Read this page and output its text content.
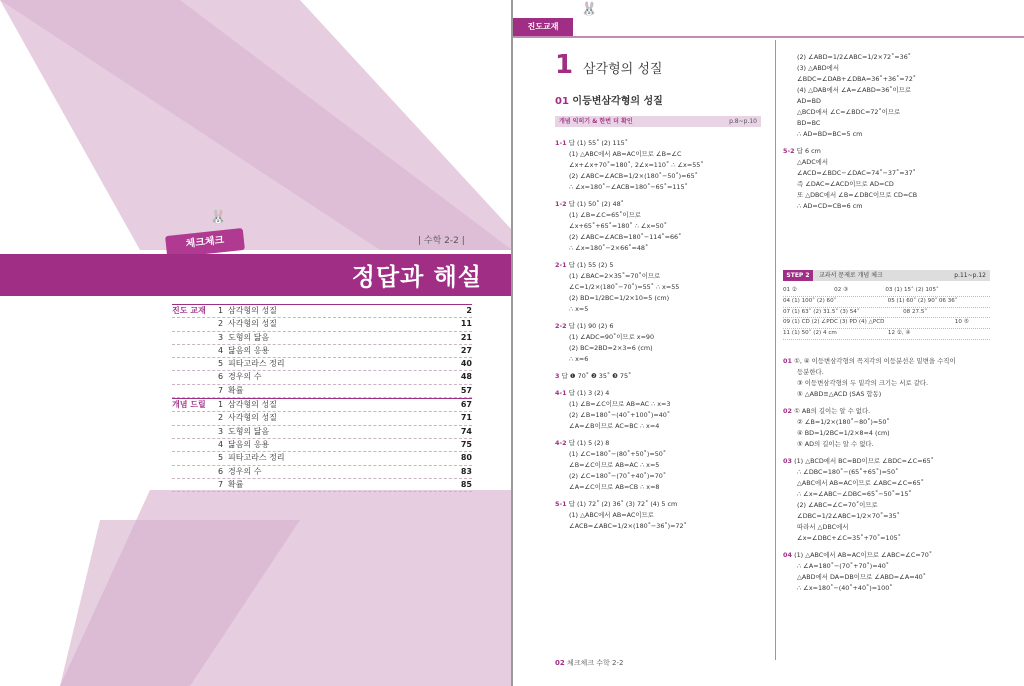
🐰
체크체크	| 수학 2-2 |
정답과 해설
진도 교재	1 삼각형의 성질	2
2 사각형의 성질	11
3 도형의 닮음	21
4 닮음의 응용	27
5 피타고라스 정리	40
6 경우의 수	48
7 확률	57
개념 드릴	1 삼각형의 성질	67
2 사각형의 성질	71
3 도형의 닮음	74
4 닮음의 응용	75
5 피타고라스 정리	80
6 경우의 수	83
7 확률	85
🐰
진도교재
1 삼각형의 성질
01 이등변삼각형의 성질
개념 익히기 & 한번 더 확인	p.8~p.10
1-1 답 (1) 55˚ (2) 115˚
(1) △ABC에서 AB=AC이므로 ∠B=∠C
∠x+∠x+70˚=180˚, 2∠x=110˚ ∴ ∠x=55˚
(2) ∠ABC=∠ACB=1/2×(180˚−50˚)=65˚
∴ ∠x=180˚−∠ACB=180˚−65˚=115˚
1-2 답 (1) 50˚ (2) 48˚
(1) ∠B=∠C=65˚이므로
∠x+65˚+65˚=180˚ ∴ ∠x=50˚
(2) ∠ABC=∠ACB=180˚−114˚=66˚
∴ ∠x=180˚−2×66˚=48˚
2-1 답 (1) 55 (2) 5
(1) ∠BAC=2×35˚=70˚이므로
∠C=1/2×(180˚−70˚)=55˚ ∴ x=55
(2) BD=1/2BC=1/2×10=5 (cm)
∴ x=5
2-2 답 (1) 90 (2) 6
(1) ∠ADC=90˚이므로 x=90
(2) BC=2BD=2×3=6 (cm)
∴ x=6
3 답 ❶ 70˚ ❷ 35˚ ❸ 75˚
4-1 답 (1) 3 (2) 4
(1) ∠B=∠C이므로 AB=AC ∴ x=3
(2) ∠B=180˚−(40˚+100˚)=40˚
∠A=∠B이므로 AC=BC ∴ x=4
4-2 답 (1) 5 (2) 8
(1) ∠C=180˚−(80˚+50˚)=50˚
∠B=∠C이므로 AB=AC ∴ x=5
(2) ∠C=180˚−(70˚+40˚)=70˚
∠A=∠C이므로 AB=CB ∴ x=8
5-1 답 (1) 72˚ (2) 36˚ (3) 72˚ (4) 5 cm
(1) △ABC에서 AB=AC이므로
∠ACB=∠ABC=1/2×(180˚−36˚)=72˚
(2) ∠ABD=1/2∠ABC=1/2×72˚=36˚
(3) △ABD에서
∠BDC=∠DAB+∠DBA=36˚+36˚=72˚
(4) △DAB에서 ∠A=∠ABD=36˚이므로
AD=BD
△BCD에서 ∠C=∠BDC=72˚이므로
BD=BC
∴ AD=BD=BC=5 cm
5-2 답 6 cm
△ADC에서
∠ACD=∠BDC−∠DAC=74˚−37˚=37˚
즉 ∠DAC=∠ACD이므로 AD=CD
또 △DBC에서 ∠B=∠DBC이므로 CD=CB
∴ AD=CD=CB=6 cm
STEP 2	교과서 문제로 개념 체크	p.11~p.12
01 ②	02 ③	03 (1) 15˚ (2) 105˚
04 (1) 100˚ (2) 60˚	05 (1) 60˚ (2) 90˚ 06 36˚
07 (1) 63˚ (2) 31.5˚ (3) 54˚	08 27.5˚
09 (1) CD (2) ∠PDC (3) PD (4) △PCD	10 ⑤
11 (1) 50˚ (2) 4 cm	12 ②, ④
01 ①, ④ 이등변삼각형의 꼭지각의 이등분선은 밑변을 수직이
등분한다.
③ 이등변삼각형의 두 밑각의 크기는 서로 같다.
⑤ △ABD≡△ACD (SAS 합동)
02 ① AB의 길이는 알 수 없다.
② ∠B=1/2×(180˚−80˚)=50˚
④ BD=1/2BC=1/2×8=4 (cm)
⑤ AD의 길이는 알 수 없다.
03 (1) △BCD에서 BC=BD이므로 ∠BDC=∠C=65˚
∴ ∠DBC=180˚−(65˚+65˚)=50˚
△ABC에서 AB=AC이므로 ∠ABC=∠C=65˚
∴ ∠x=∠ABC−∠DBC=65˚−50˚=15˚
(2) ∠ABC=∠C=70˚이므로
∠DBC=1/2∠ABC=1/2×70˚=35˚
따라서 △DBC에서
∠x=∠DBC+∠C=35˚+70˚=105˚
04 (1) △ABC에서 AB=AC이므로 ∠ABC=∠C=70˚
∴ ∠A=180˚−(70˚+70˚)=40˚
△ABD에서 DA=DB이므로 ∠ABD=∠A=40˚
∴ ∠x=180˚−(40˚+40˚)=100˚
02 체크체크 수학 2-2
